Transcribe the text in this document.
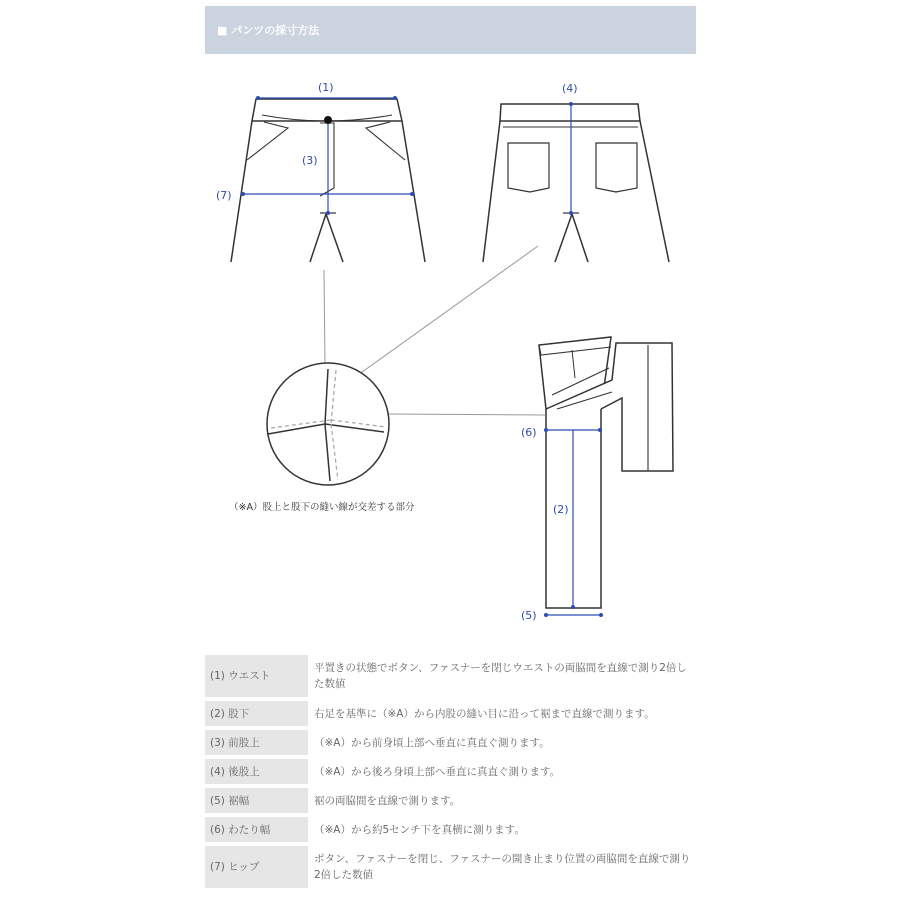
■ パンツの採寸方法
(1)
(3)
(7)
(4)
(6)
(2)
(5)
（※A）股上と股下の縫い線が交差する部分
(1) ウエスト	平置きの状態でボタン、ファスナーを閉じウエストの両脇間を直線で測り2倍した数値
(2) 股下	右足を基準に（※A）から内股の縫い目に沿って裾まで直線で測ります。
(3) 前股上	（※A）から前身頃上部へ垂直に真直ぐ測ります。
(4) 後股上	（※A）から後ろ身頃上部へ垂直に真直ぐ測ります。
(5) 裾幅	裾の両脇間を直線で測ります。
(6) わたり幅	（※A）から約5センチ下を真横に測ります。
(7) ヒップ	ボタン、ファスナーを閉じ、ファスナーの開き止まり位置の両脇間を直線で測り2倍した数値
